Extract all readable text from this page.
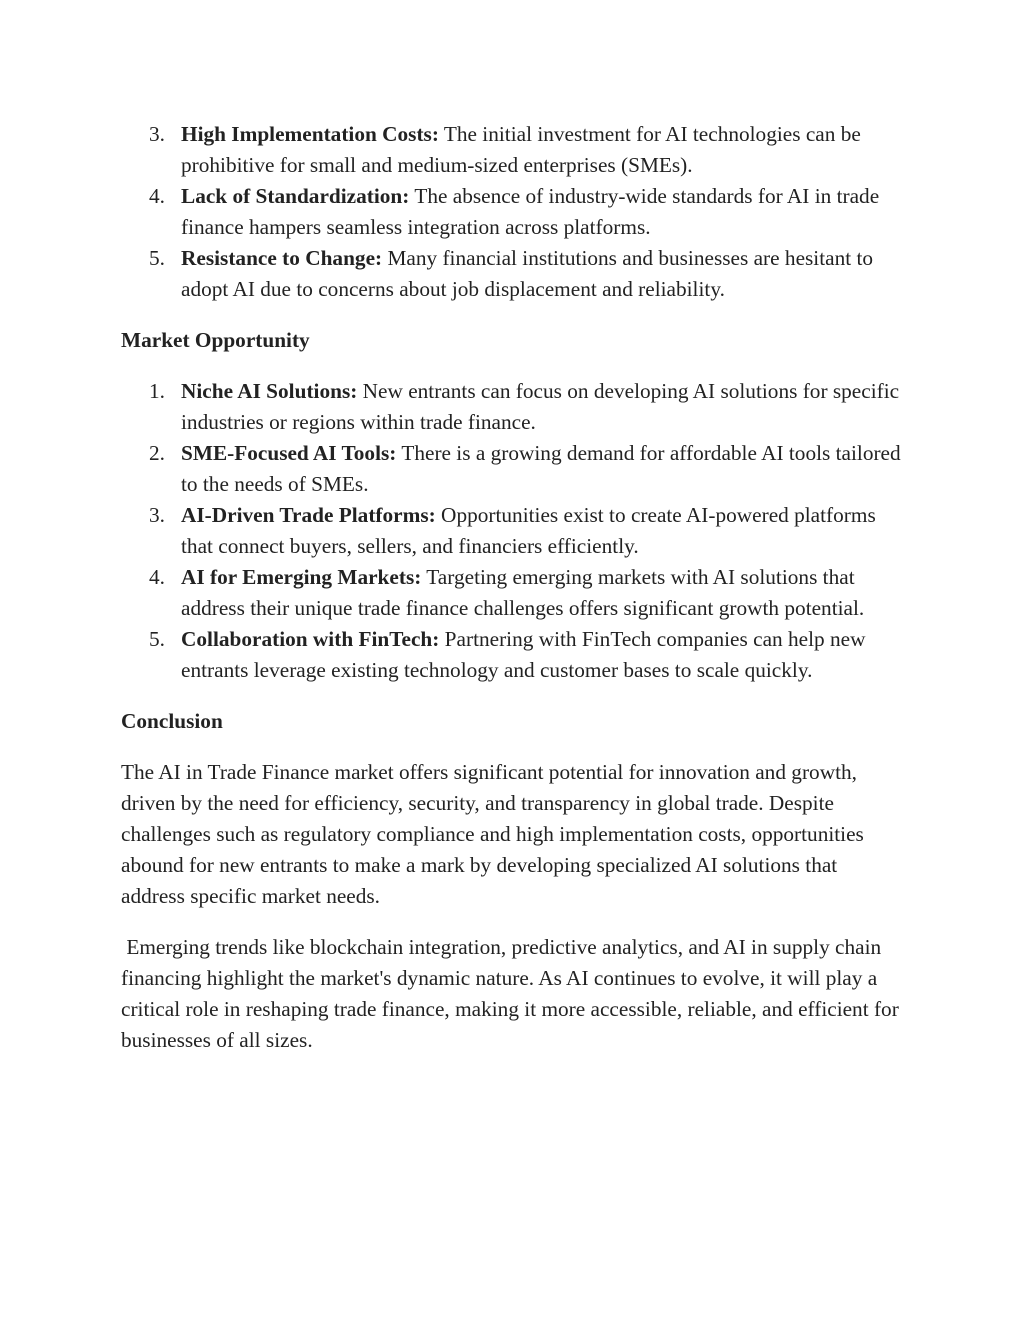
3. High Implementation Costs: The initial investment for AI technologies can be prohibitive for small and medium-sized enterprises (SMEs).
4. Lack of Standardization: The absence of industry-wide standards for AI in trade finance hampers seamless integration across platforms.
5. Resistance to Change: Many financial institutions and businesses are hesitant to adopt AI due to concerns about job displacement and reliability.
Market Opportunity
1. Niche AI Solutions: New entrants can focus on developing AI solutions for specific industries or regions within trade finance.
2. SME-Focused AI Tools: There is a growing demand for affordable AI tools tailored to the needs of SMEs.
3. AI-Driven Trade Platforms: Opportunities exist to create AI-powered platforms that connect buyers, sellers, and financiers efficiently.
4. AI for Emerging Markets: Targeting emerging markets with AI solutions that address their unique trade finance challenges offers significant growth potential.
5. Collaboration with FinTech: Partnering with FinTech companies can help new entrants leverage existing technology and customer bases to scale quickly.
Conclusion

The AI in Trade Finance market offers significant potential for innovation and growth, driven by the need for efficiency, security, and transparency in global trade. Despite challenges such as regulatory compliance and high implementation costs, opportunities abound for new entrants to make a mark by developing specialized AI solutions that address specific market needs.

Emerging trends like blockchain integration, predictive analytics, and AI in supply chain financing highlight the market's dynamic nature. As AI continues to evolve, it will play a critical role in reshaping trade finance, making it more accessible, reliable, and efficient for businesses of all sizes.
